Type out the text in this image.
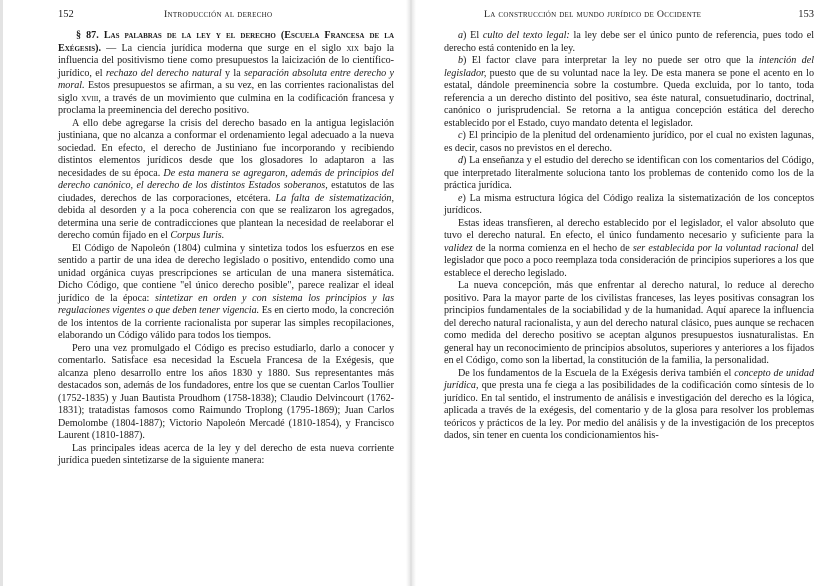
152	Introducción al derecho

§ 87. Las palabras de la ley y el derecho (Escuela Francesa de la Exégesis). — La ciencia jurídica moderna que surge en el siglo xix bajo la influencia del positivismo tiene como presupuestos la laicización de lo científico-jurídico, el rechazo del derecho natural y la separación absoluta entre derecho y moral. Estos presupuestos se afirman, a su vez, en las corrientes racionalistas del siglo xviii, a través de un movimiento que culmina en la codificación francesa y proclama la preeminencia del derecho positivo.

A ello debe agregarse la crisis del derecho basado en la antigua legislación justiniana, que no alcanza a conformar el ordenamiento legal adecuado a la nueva sociedad. En efecto, el derecho de Justiniano fue incorporando y recibiendo distintos elementos jurídicos desde que los glosadores lo adaptaron a las necesidades de su época. De esta manera se agregaron, además de principios del derecho canónico, el derecho de los distintos Estados soberanos, estatutos de las ciudades, derechos de las corporaciones, etcétera. La falta de sistematización, debida al desorden y a la poca coherencia con que se realizaron los agregados, determina una serie de contradicciones que plantean la necesidad de reelaborar el derecho común fijado en el Corpus Iuris.

El Código de Napoleón (1804) culmina y sintetiza todos los esfuerzos en ese sentido a partir de una idea de derecho legislado o positivo, entendido como una unidad orgánica cuyas prescripciones se articulan de una manera sistemática. Dicho Código, que contiene "el único derecho posible", parece realizar el ideal jurídico de la época: sintetizar en orden y con sistema los principios y las regulaciones vigentes o que deben tener vigencia. Es en cierto modo, la concreción de los intentos de la corriente racionalista por superar las simples recopilaciones, elaborando un Código válido para todos los tiempos.

Pero una vez promulgado el Código es preciso estudiarlo, darlo a conocer y comentarlo. Satisface esa necesidad la Escuela Francesa de la Exégesis, que alcanza pleno desarrollo entre los años 1830 y 1880. Sus representantes más destacados son, además de los fundadores, entre los que se cuentan Carlos Toullier (1752-1835) y Juan Bautista Proudhom (1758-1838); Claudio Delvincourt (1762-1831); tratadistas famosos como Raimundo Troplong (1795-1869); Juan Carlos Demolombe (1804-1887); Victorio Napoleón Mercadé (1810-1854), y Francisco Laurent (1810-1887).

Las principales ideas acerca de la ley y del derecho de esta nueva corriente jurídica pueden sintetizarse de la siguiente manera:

La construcción del mundo jurídico de Occidente	153

a) El culto del texto legal: la ley debe ser el único punto de referencia, pues todo el derecho está contenido en la ley.

b) El factor clave para interpretar la ley no puede ser otro que la intención del legislador, puesto que de su voluntad nace la ley. De esta manera se pone el acento en lo estatal, dándole preeminencia sobre la costumbre. Queda excluida, por lo tanto, toda referencia a un derecho distinto del positivo, sea éste natural, consuetudinario, doctrinal, canónico o jurisprudencial. Se retorna a la antigua concepción estática del derecho establecido por el Estado, cuyo mandato detenta el legislador.

c) El principio de la plenitud del ordenamiento jurídico, por el cual no existen lagunas, es decir, casos no previstos en el derecho.

d) La enseñanza y el estudio del derecho se identifican con los comentarios del Código, que interpretado literalmente soluciona tanto los problemas de contenido como los de la práctica jurídica.

e) La misma estructura lógica del Código realiza la sistematización de los conceptos jurídicos.

Estas ideas transfieren, al derecho establecido por el legislador, el valor absoluto que tuvo el derecho natural. En efecto, el único fundamento necesario y suficiente para la validez de la norma comienza en el hecho de ser establecida por la voluntad racional del legislador que poco a poco reemplaza toda consideración de principios superiores a los que establece el derecho legislado.

La nueva concepción, más que enfrentar al derecho natural, lo reduce al derecho positivo. Para la mayor parte de los civilistas franceses, las leyes positivas consagran los principios fundamentales de la sociabilidad y de la humanidad. Aquí aparece la influencia del derecho natural racionalista, y aun del derecho natural clásico, pues aunque se rechacen como medida del derecho positivo se aceptan algunos presupuestos iusnaturalistas. En general hay un reconocimiento de principios absolutos, superiores y anteriores a los fijados en el Código, como son la libertad, la constitución de la familia, la personalidad.

De los fundamentos de la Escuela de la Exégesis deriva también el concepto de unidad jurídica, que presta una fe ciega a las posibilidades de la codificación como síntesis de lo jurídico. En tal sentido, el instrumento de análisis e investigación del derecho es la lógica, aplicada a través de la exégesis, del comentario y de la glosa para resolver los problemas teóricos y prácticos de la ley. Por medio del análisis y de la investigación de los preceptos dados, sin tener en cuenta los condicionamientos his-
